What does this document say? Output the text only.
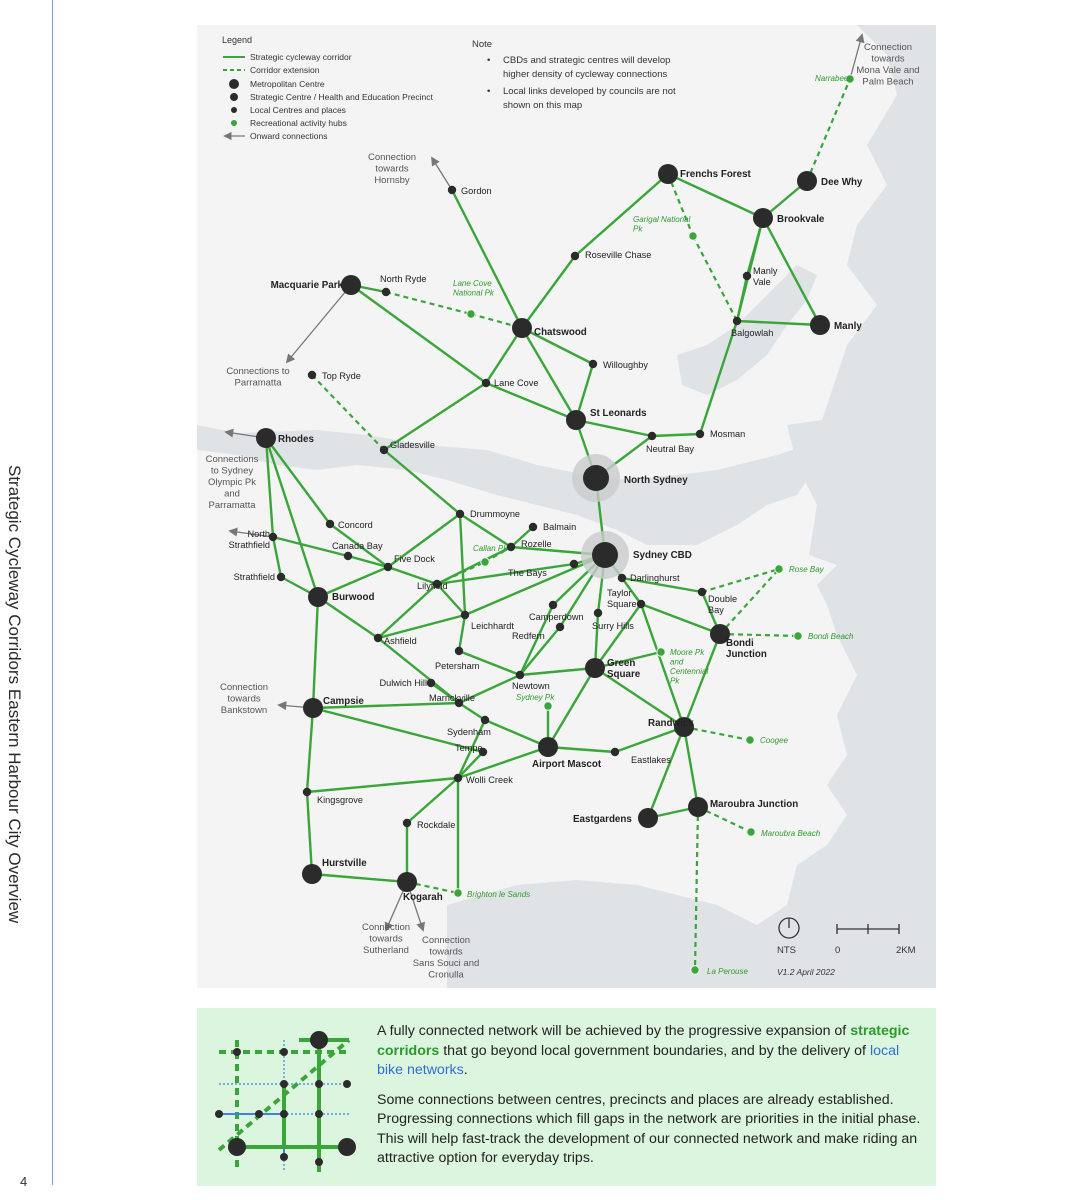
Strategic Cycleway Corridors Eastern Harbour City Overview
4
Legend
Strategic cycleway corridor
Corridor extension
Metropolitan Centre
Strategic Centre / Health and Education Precinct
Local Centres and places
Recreational activity hubs
Onward connections
Note
• CBDs and strategic centres will develop
higher density of cycleway connections
• Local links developed by councils are not
shown on this map
Connection towards Mona Vale and Palm Beach
Connection towards Hornsby
Connections to Parramatta
Connections to Sydney Olympic Pk and Parramatta
Connection towards Bankstown
Connection towards Sutherland
Connection towards Sans Souci and Cronulla
North Sydney
Sydney CBD
Macquarie Park
Chatswood
St Leonards
Frenchs Forest
Dee Why
Brookvale
Manly
Rhodes
Burwood
Campsie
Hurstville
Kogarah
Bondi Junction
Green Square
Randwick
Airport Mascot
Eastgardens
Maroubra Junction
Gordon
North Ryde
Top Ryde
Roseville Chase
Willoughby
Lane Cove
Neutral Bay
Mosman
Balgowlah
Manly Vale
Gladesville
Drummoyne
Balmain
Rozelle
Concord
Canada Bay
Five Dock
North Strathfield
Strathfield
Lilyfield
The Bays	Darlinghurst
Double Bay
Taylor Square
Camperdown
Surry Hills
Redfern
Leichhardt
Ashfield
Petersham
Dulwich Hill
Marrickville
Newtown
Sydenham
Tempe
Wolli Creek
Kingsgrove
Rockdale
Eastlakes
Narrabeen
Garigal National Pk
Lane Cove National Pk
Callan Pk
Rose Bay
Bondi Beach
Moore Pk and Centennial Pk
Sydney Pk
Coogee
Maroubra Beach
Brighton le Sands
La Perouse
NTS	0	2KM
V1.2 April 2022

A fully connected network will be achieved by the progressive expansion of strategic corridors that go beyond local government boundaries, and by the delivery of local bike networks.

Some connections between centres, precincts and places are already established. Progressing connections which fill gaps in the network are priorities in the initial phase. This will help fast-track the development of our connected network and make riding an attractive option for everyday trips.
